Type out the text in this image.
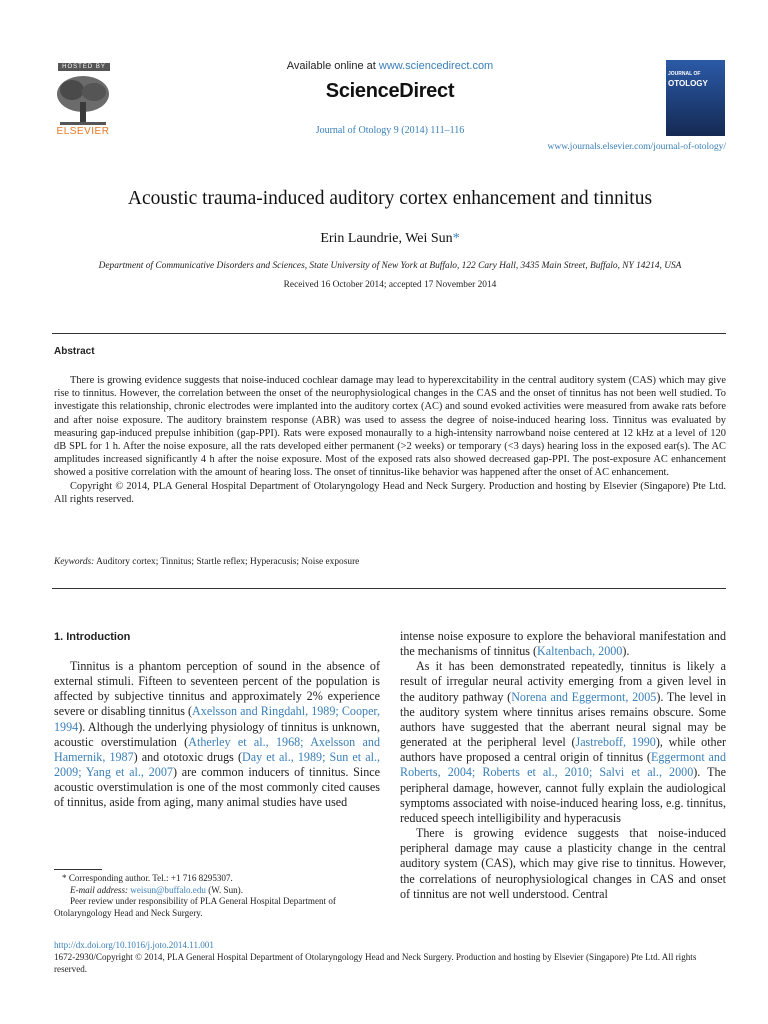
HOSTED BY
ELSEVIER
Available online at www.sciencedirect.com
ScienceDirect
Journal of Otology 9 (2014) 111–116
JOURNAL OF
OTOLOGY
www.journals.elsevier.com/journal-of-otology/
Acoustic trauma-induced auditory cortex enhancement and tinnitus
Erin Laundrie, Wei Sun*
Department of Communicative Disorders and Sciences, State University of New York at Buffalo, 122 Cary Hall, 3435 Main Street, Buffalo, NY 14214, USA
Received 16 October 2014; accepted 17 November 2014
Abstract

There is growing evidence suggests that noise-induced cochlear damage may lead to hyperexcitability in the central auditory system (CAS) which may give rise to tinnitus. However, the correlation between the onset of the neurophysiological changes in the CAS and the onset of tinnitus has not been well studied. To investigate this relationship, chronic electrodes were implanted into the auditory cortex (AC) and sound evoked activities were measured from awake rats before and after noise exposure. The auditory brainstem response (ABR) was used to assess the degree of noise-induced hearing loss. Tinnitus was evaluated by measuring gap-induced prepulse inhibition (gap-PPI). Rats were exposed monaurally to a high-intensity narrowband noise centered at 12 kHz at a level of 120 dB SPL for 1 h. After the noise exposure, all the rats developed either permanent (>2 weeks) or temporary (<3 days) hearing loss in the exposed ear(s). The AC amplitudes increased significantly 4 h after the noise exposure. Most of the exposed rats also showed decreased gap-PPI. The post-exposure AC enhancement showed a positive correlation with the amount of hearing loss. The onset of tinnitus-like behavior was happened after the onset of AC enhancement.

Copyright © 2014, PLA General Hospital Department of Otolaryngology Head and Neck Surgery. Production and hosting by Elsevier (Singapore) Pte Ltd. All rights reserved.

Keywords: Auditory cortex; Tinnitus; Startle reflex; Hyperacusis; Noise exposure
1. Introduction

Tinnitus is a phantom perception of sound in the absence of external stimuli. Fifteen to seventeen percent of the population is affected by subjective tinnitus and approximately 2% experience severe or disabling tinnitus (Axelsson and Ringdahl, 1989; Cooper, 1994). Although the underlying physiology of tinnitus is unknown, acoustic overstimulation (Atherley et al., 1968; Axelsson and Hamernik, 1987) and ototoxic drugs (Day et al., 1989; Sun et al., 2009; Yang et al., 2007) are common inducers of tinnitus. Since acoustic overstimulation is one of the most commonly cited causes of tinnitus, aside from aging, many animal studies have used

intense noise exposure to explore the behavioral manifestation and the mechanisms of tinnitus (Kaltenbach, 2000).

As it has been demonstrated repeatedly, tinnitus is likely a result of irregular neural activity emerging from a given level in the auditory pathway (Norena and Eggermont, 2005). The level in the auditory system where tinnitus arises remains obscure. Some authors have suggested that the aberrant neural signal may be generated at the peripheral level (Jastreboff, 1990), while other authors have proposed a central origin of tinnitus (Eggermont and Roberts, 2004; Roberts et al., 2010; Salvi et al., 2000). The peripheral damage, however, cannot fully explain the audiological symptoms associated with noise-induced hearing loss, e.g. tinnitus, reduced speech intelligibility and hyperacusis

There is growing evidence suggests that noise-induced peripheral damage may cause a plasticity change in the central auditory system (CAS), which may give rise to tinnitus. However, the correlations of neurophysiological changes in CAS and onset of tinnitus are not well understood. Central

* Corresponding author. Tel.: +1 716 8295307.

E-mail address: weisun@buffalo.edu (W. Sun).

Peer review under responsibility of PLA General Hospital Department of Otolaryngology Head and Neck Surgery.

http://dx.doi.org/10.1016/j.joto.2014.11.001
1672-2930/Copyright © 2014, PLA General Hospital Department of Otolaryngology Head and Neck Surgery. Production and hosting by Elsevier (Singapore) Pte Ltd. All rights reserved.
